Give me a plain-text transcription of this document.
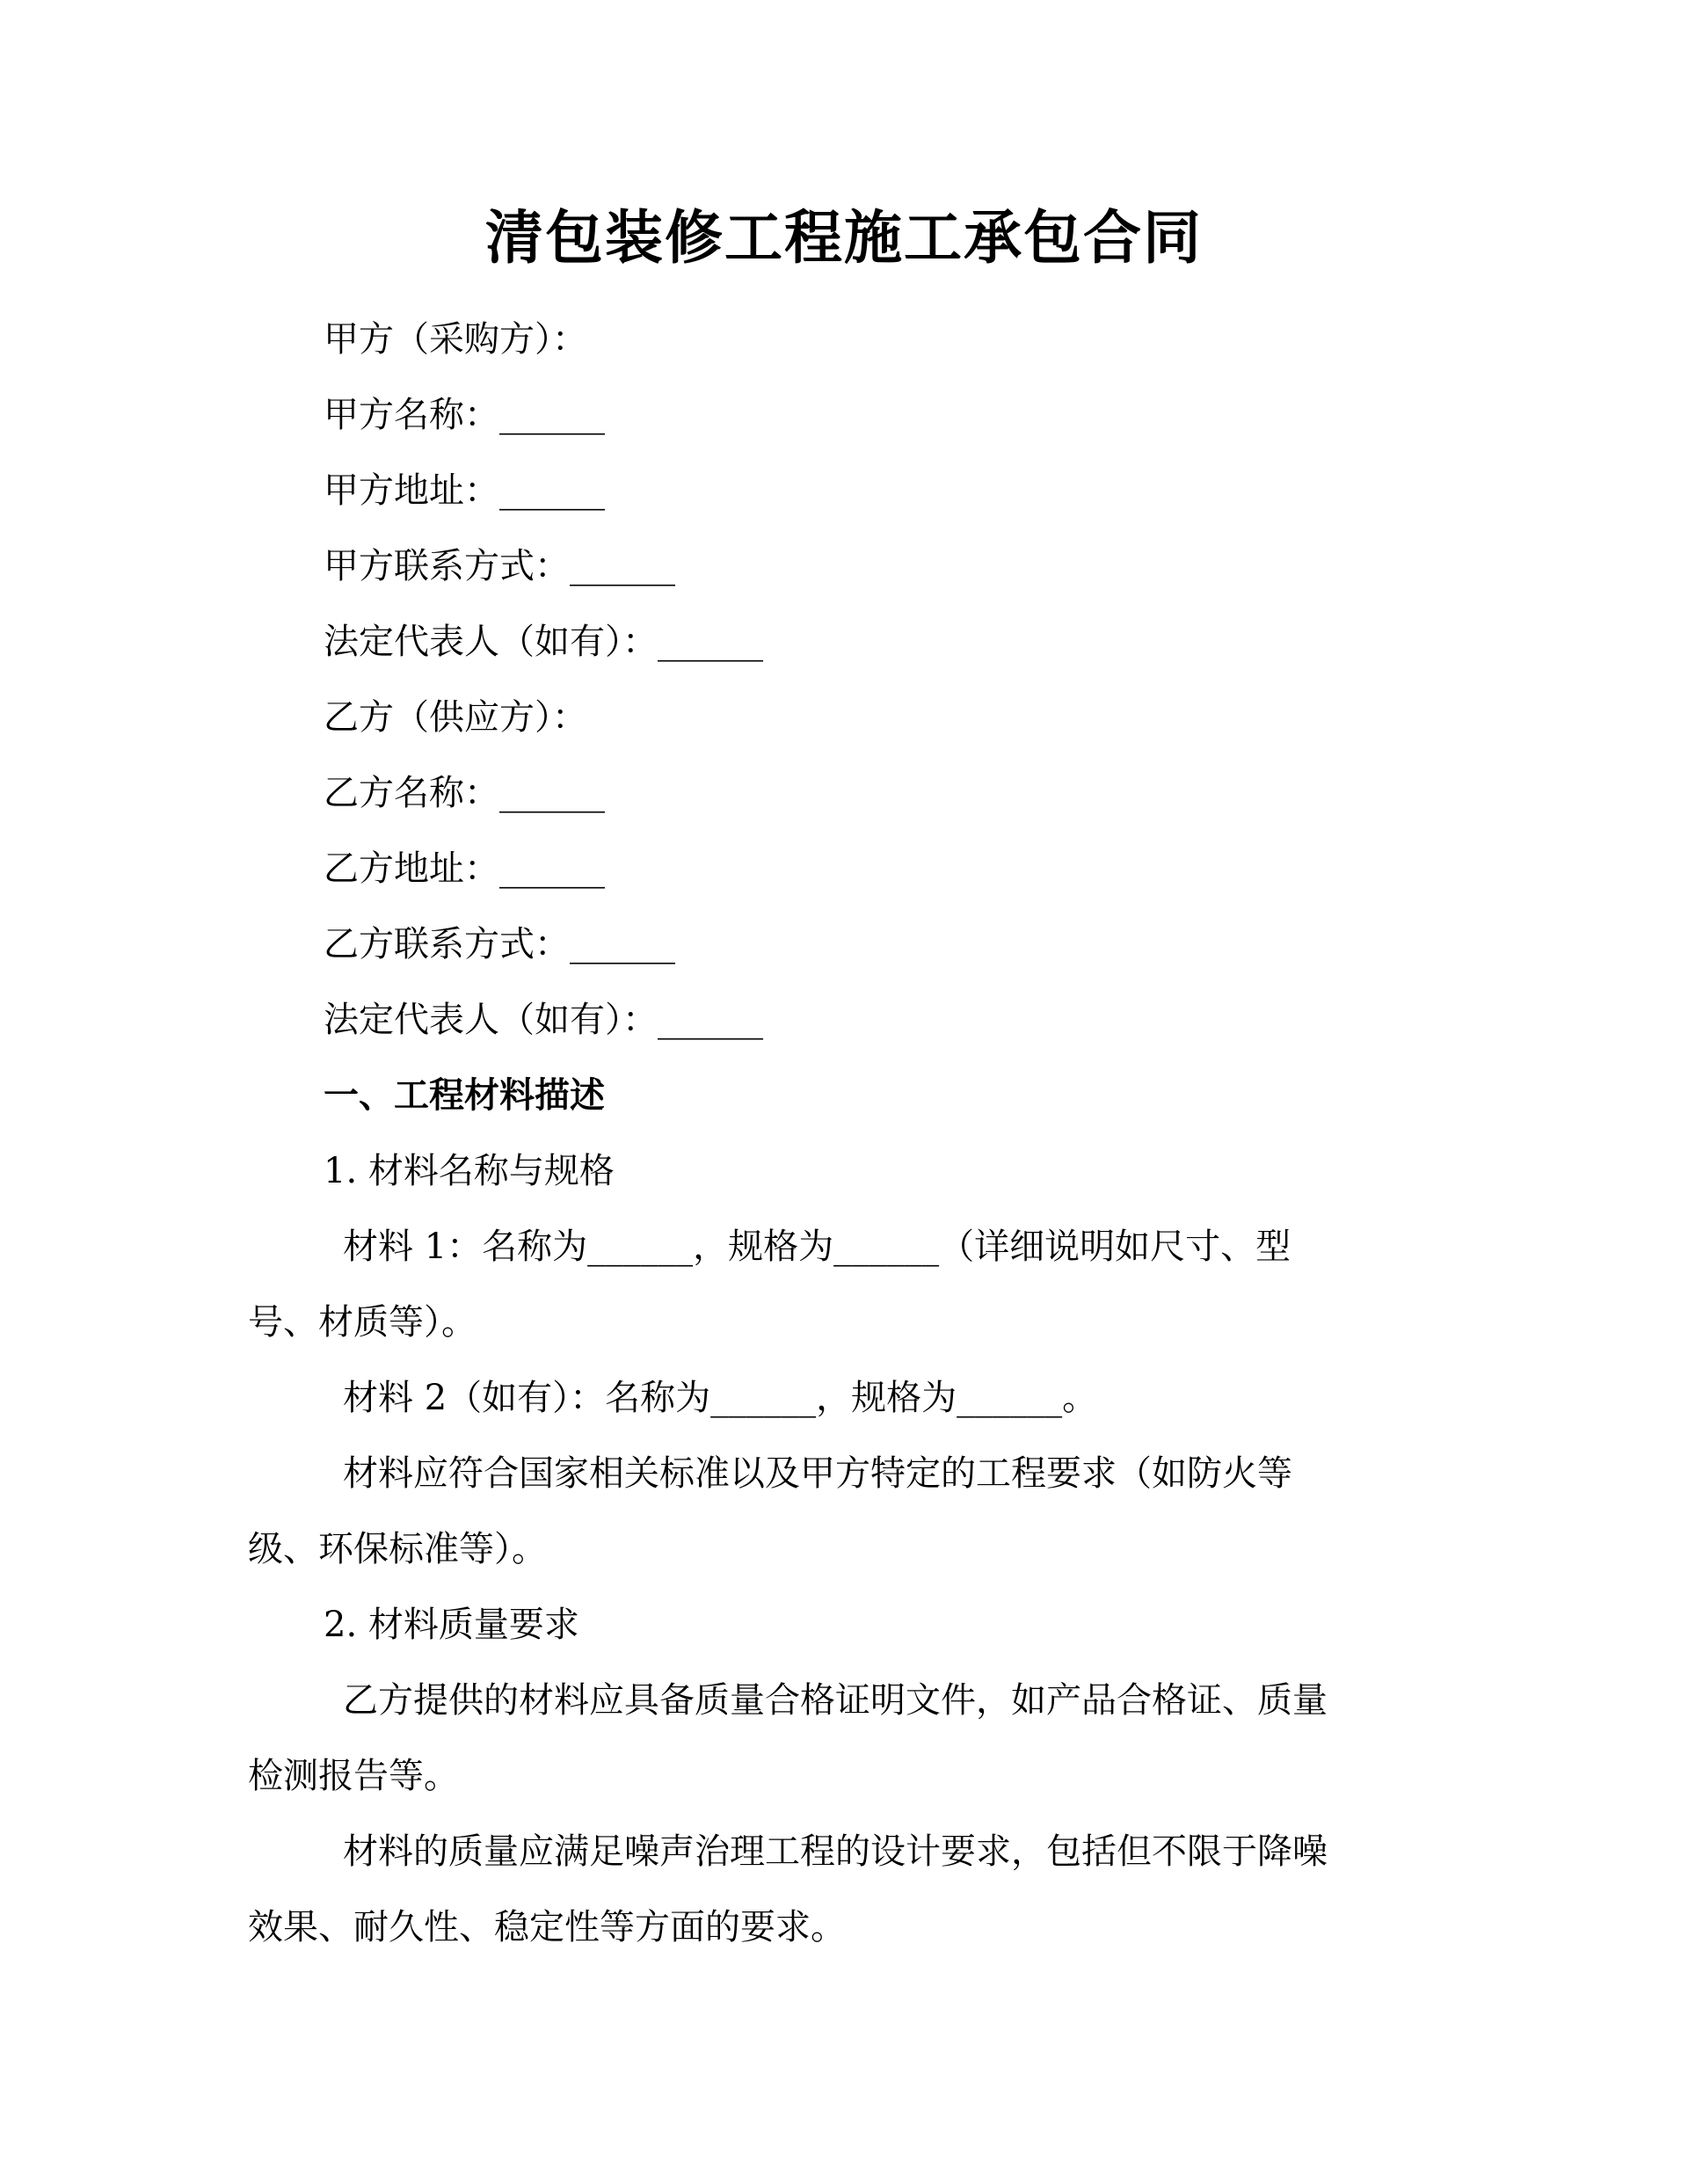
清包装修工程施工承包合同

甲方（采购方）：

甲方名称：______

甲方地址：______

甲方联系方式：______

法定代表人（如有）：______

乙方（供应方）：

乙方名称：______

乙方地址：______

乙方联系方式：______

法定代表人（如有）：______

一、工程材料描述

1. 材料名称与规格

材料 1：名称为______，规格为______（详细说明如尺寸、型

号、材质等）。

材料 2（如有）：名称为______，规格为______。

材料应符合国家相关标准以及甲方特定的工程要求（如防火等

级、环保标准等）。

2. 材料质量要求

乙方提供的材料应具备质量合格证明文件，如产品合格证、质量

检测报告等。

材料的质量应满足噪声治理工程的设计要求，包括但不限于降噪

效果、耐久性、稳定性等方面的要求。
